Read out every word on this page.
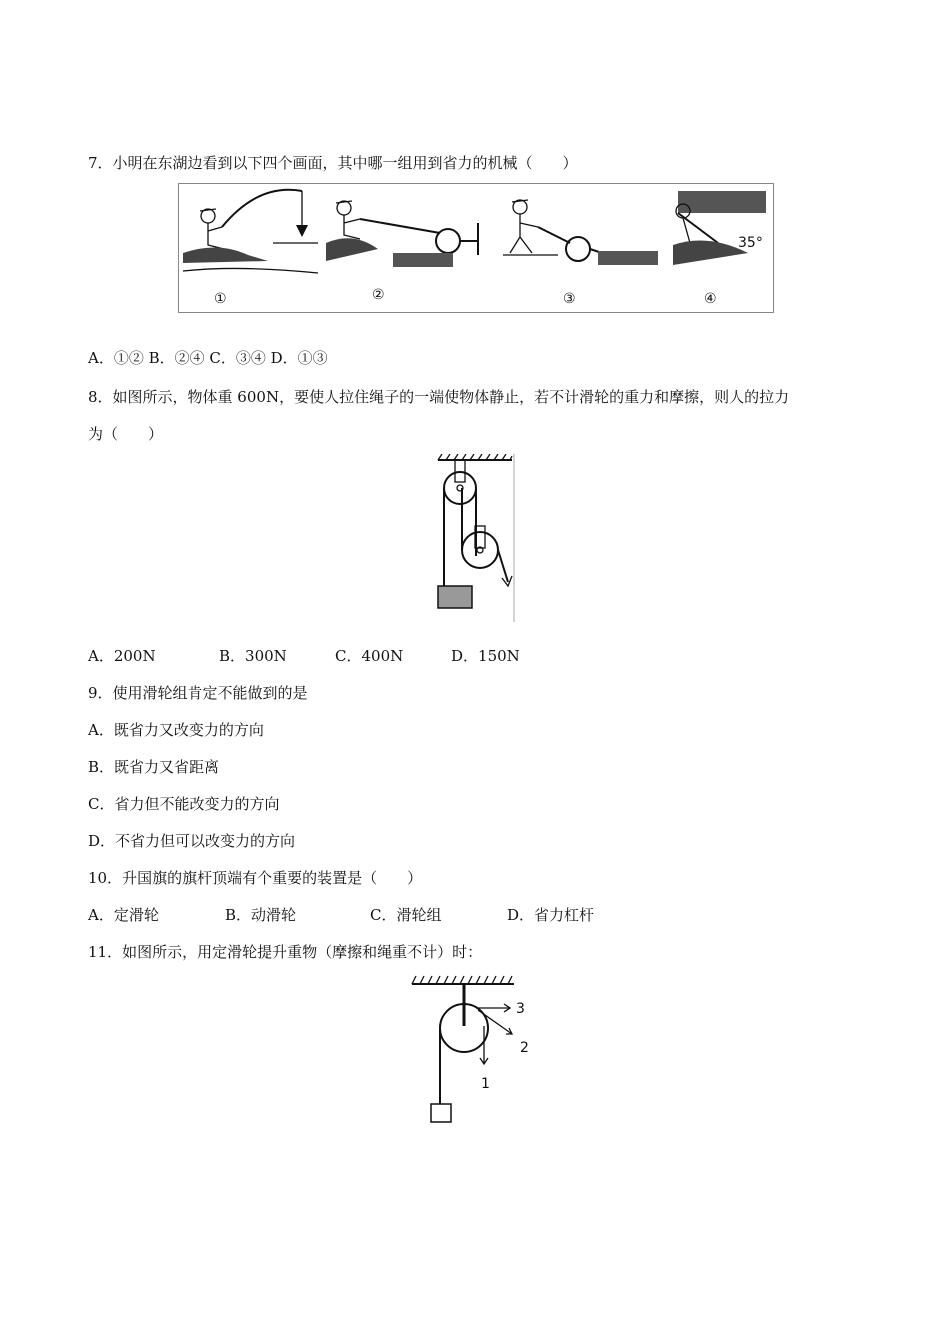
7．小明在东湖边看到以下四个画面，其中哪一组用到省力的机械（　　）
35°
①	②	③	④
A．①② B．②④ C．③④ D．①③
8．如图所示，物体重 600N，要使人拉住绳子的一端使物体静止，若不计滑轮的重力和摩擦，则人的拉力
为（　　）
A．200N	B．300N	C．400N	D．150N
9．使用滑轮组肯定不能做到的是
A．既省力又改变力的方向
B．既省力又省距离
C．省力但不能改变力的方向
D．不省力但可以改变力的方向
10．升国旗的旗杆顶端有个重要的装置是（　　）
A．定滑轮	B．动滑轮	C．滑轮组	D．省力杠杆
11．如图所示，用定滑轮提升重物（摩擦和绳重不计）时：
3
2
1
